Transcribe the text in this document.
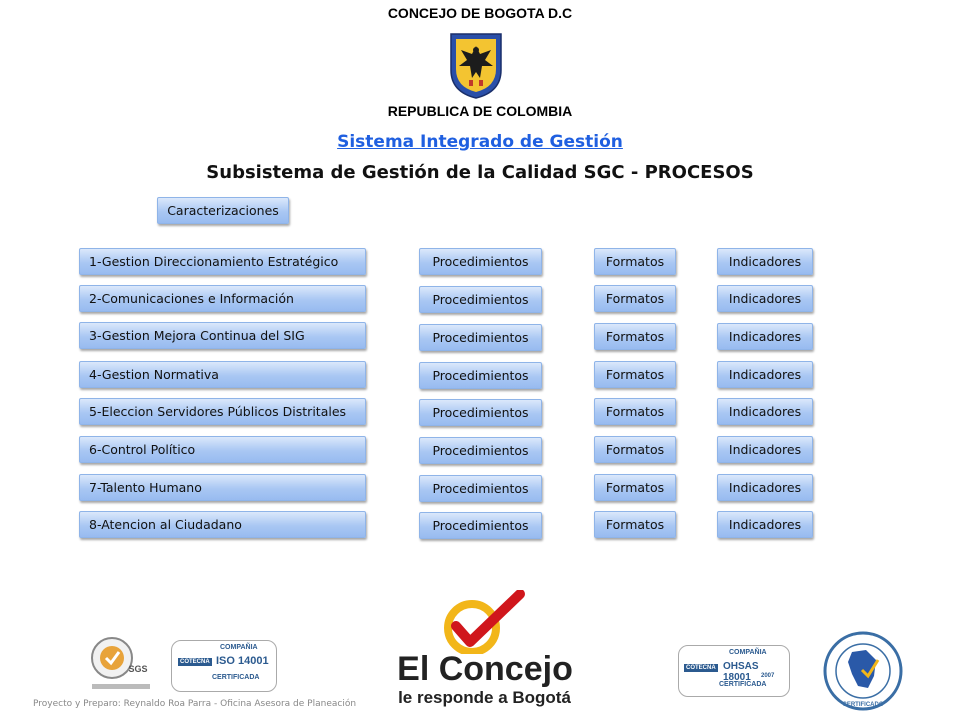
CONCEJO DE BOGOTA D.C
REPUBLICA DE COLOMBIA
Sistema Integrado de Gestión
Subsistema de Gestión de la Calidad SGC - PROCESOS
Caracterizaciones
1-Gestion Direccionamiento Estratégico
2-Comunicaciones e Información
3-Gestion Mejora Continua del SIG
4-Gestion Normativa
5-Eleccion Servidores Públicos Distritales
6-Control Político
7-Talento Humano
8-Atencion al Ciudadano
Procedimientos
Procedimientos
Procedimientos
Procedimientos
Procedimientos
Procedimientos
Procedimientos
Procedimientos
Formatos
Formatos
Formatos
Formatos
Formatos
Formatos
Formatos
Formatos
Indicadores
Indicadores
Indicadores
Indicadores
Indicadores
Indicadores
Indicadores
Indicadores
SGS
COMPAÑIA
COTECNA ISO 14001
CERTIFICADA	El Concejo
le responde a Bogotá
COMPAÑIA
COTECNA OHSAS 18001	2007
CERTIFICADA
CERTIFICADO
Proyecto y Preparo: Reynaldo Roa Parra - Oficina Asesora de Planeación
